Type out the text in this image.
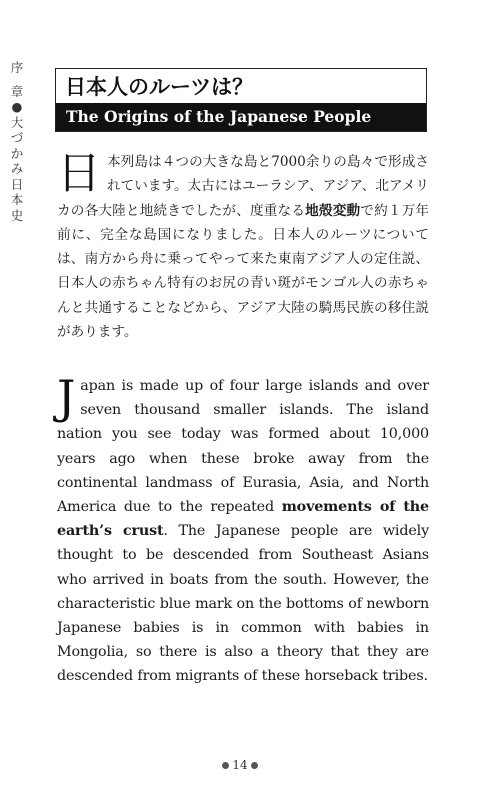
序
章
●
大
づ
か
み
日
本
史
日本人のルーツは？
The Origins of the Japanese People

日本列島は４つの大きな島と7000余りの島々で形成されています。太古にはユーラシア、アジア、北アメリカの各大陸と地続きでしたが、度重なる地殻変動で約１万年前に、完全な島国になりました。日本人のルーツについては、南方から舟に乗ってやって来た東南アジア人の定住説、日本人の赤ちゃん特有のお尻の青い斑がモンゴル人の赤ちゃんと共通することなどから、アジア大陸の騎馬民族の移住説があります。

Japan is made up of four large islands and over seven thousand smaller islands. The island nation you see today was formed about 10,000 years ago when these broke away from the continental landmass of Eurasia, Asia, and North America due to the repeated movements of the earth’s crust. The Japanese people are widely thought to be descended from Southeast Asians who arrived in boats from the south. However, the characteristic blue mark on the bottoms of newborn Japanese babies is in common with babies in Mongolia, so there is also a theory that they are descended from migrants of these horseback tribes.

14
